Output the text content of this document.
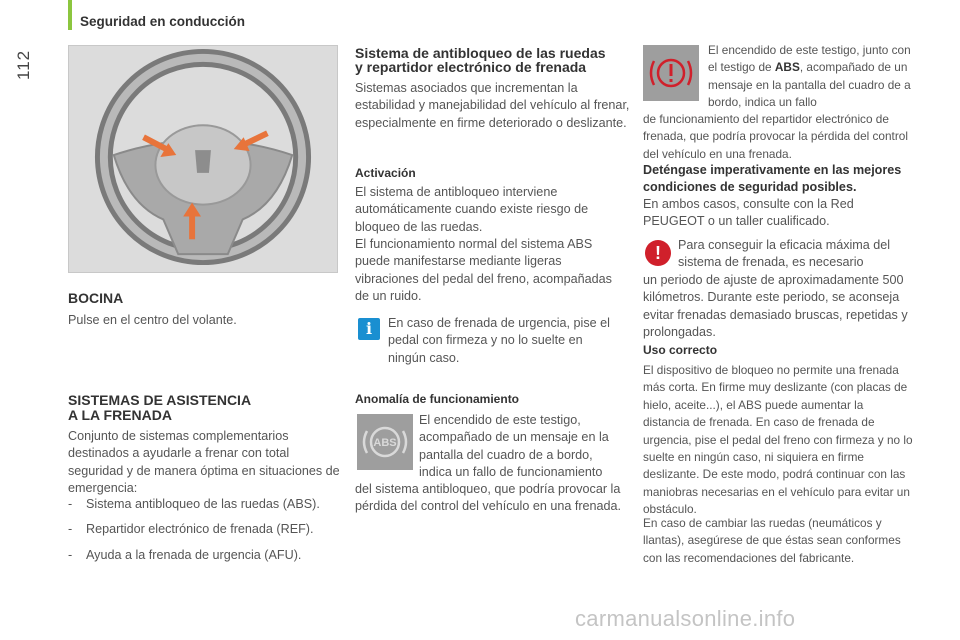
Seguridad en conducción
112
BOCINA
Pulse en el centro del volante.
SISTEMAS DE ASISTENCIA
A LA FRENADA
Conjunto de sistemas complementarios destinados a ayudarle a frenar con total seguridad y de manera óptima en situaciones de emergencia:
- Sistema antibloqueo de las ruedas (ABS).
- Repartidor electrónico de frenada (REF).
- Ayuda a la frenada de urgencia (AFU).
Sistema de antibloqueo de las ruedas
y repartidor electrónico de frenada
Sistemas asociados que incrementan la estabilidad y manejabilidad del vehículo al frenar, especialmente en firme deteriorado o deslizante.
Activación
El sistema de antibloqueo interviene automáticamente cuando existe riesgo de bloqueo de las ruedas.
El funcionamiento normal del sistema ABS puede manifestarse mediante ligeras vibraciones del pedal del freno, acompañadas de un ruido.
i	En caso de frenada de urgencia, pise el pedal con firmeza y no lo suelte en ningún caso.
Anomalía de funcionamiento
ABS
El encendido de este testigo, acompañado de un mensaje en la pantalla del cuadro de a bordo, indica un fallo de funcionamiento
del sistema antibloqueo, que podría provocar la pérdida del control del vehículo en una frenada.
El encendido de este testigo, junto con el testigo de ABS, acompañado de un mensaje en la pantalla del cuadro de a bordo, indica un fallo
de funcionamiento del repartidor electrónico de frenada, que podría provocar la pérdida del control del vehículo en una frenada.
Deténgase imperativamente en las mejores condiciones de seguridad posibles.
En ambos casos, consulte con la Red PEUGEOT o un taller cualificado.
!	Para conseguir la eficacia máxima del sistema de frenada, es necesario
un periodo de ajuste de aproximadamente 500 kilómetros. Durante este periodo, se aconseja evitar frenadas demasiado bruscas, repetidas y prolongadas.
Uso correcto
El dispositivo de bloqueo no permite una frenada más corta. En firme muy deslizante (con placas de hielo, aceite...), el ABS puede aumentar la distancia de frenada. En caso de frenada de urgencia, pise el pedal del freno con firmeza y no lo suelte en ningún caso, ni siquiera en firme deslizante. De este modo, podrá continuar con las maniobras necesarias en el vehículo para evitar un obstáculo.
En caso de cambiar las ruedas (neumáticos y llantas), asegúrese de que éstas sean conformes con las recomendaciones del fabricante.
carmanualsonline.info
